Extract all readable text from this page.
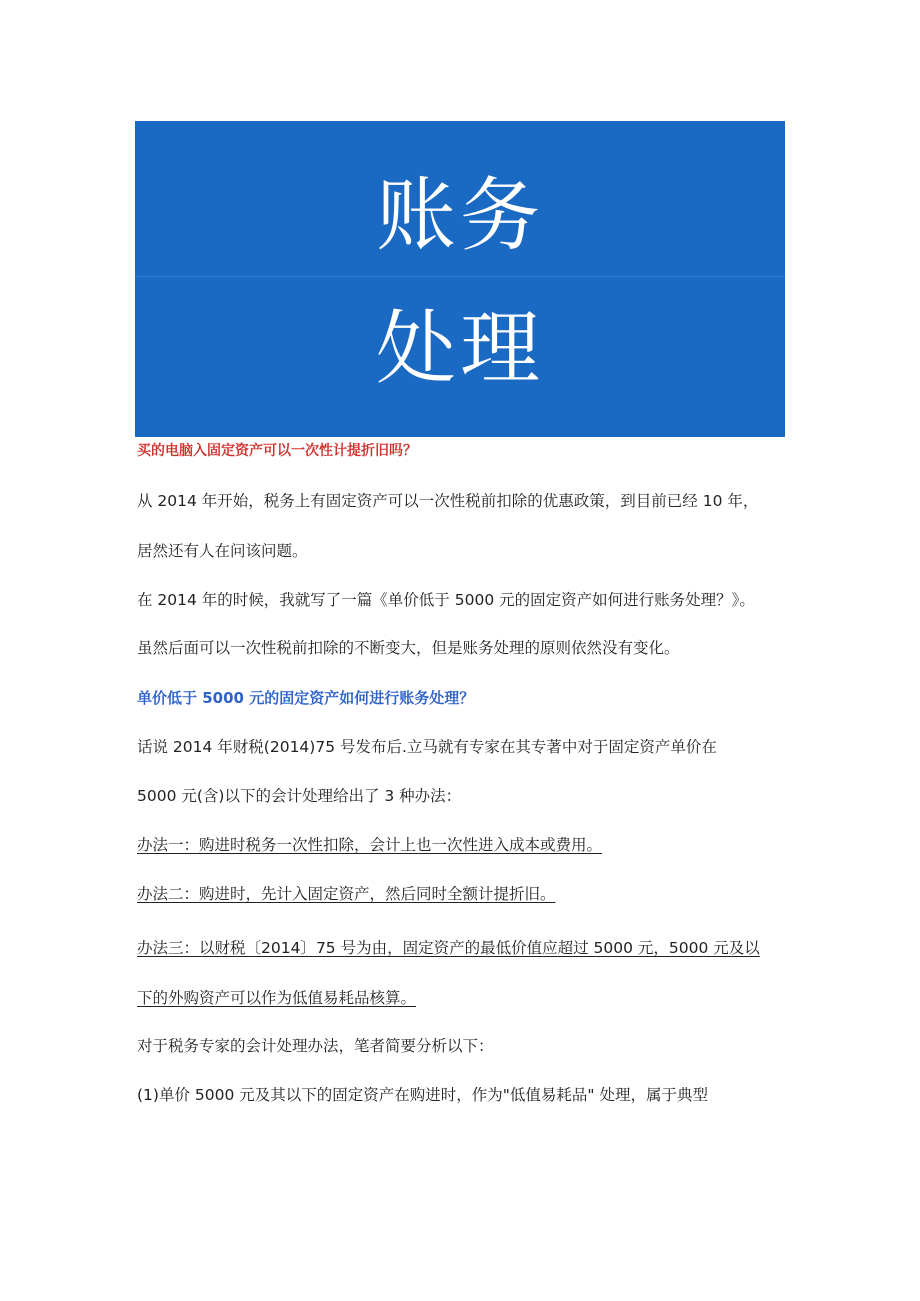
账务
处理

买的电脑入固定资产可以一次性计提折旧吗？

从 2014 年开始，税务上有固定资产可以一次性税前扣除的优惠政策，到目前已经 10 年，

居然还有人在问该问题。

在 2014 年的时候，我就写了一篇《单价低于 5000 元的固定资产如何进行账务处理？》。

虽然后面可以一次性税前扣除的不断变大，但是账务处理的原则依然没有变化。

单价低于 5000 元的固定资产如何进行账务处理？

话说 2014 年财税(2014)75 号发布后.立马就有专家在其专著中对于固定资产单价在

5000 元(含)以下的会计处理给出了 3 种办法：

办法一：购进时税务一次性扣除，会计上也一次性进入成本或费用。

办法二：购进时，先计入固定资产，然后同时全额计提折旧。

办法三：以财税〔2014〕75 号为由，固定资产的最低价值应超过 5000 元，5000 元及以

下的外购资产可以作为低值易耗品核算。

对于税务专家的会计处理办法，笔者简要分析以下：

(1)单价 5000 元及其以下的固定资产在购进时，作为"低值易耗品" 处理，属于典型
